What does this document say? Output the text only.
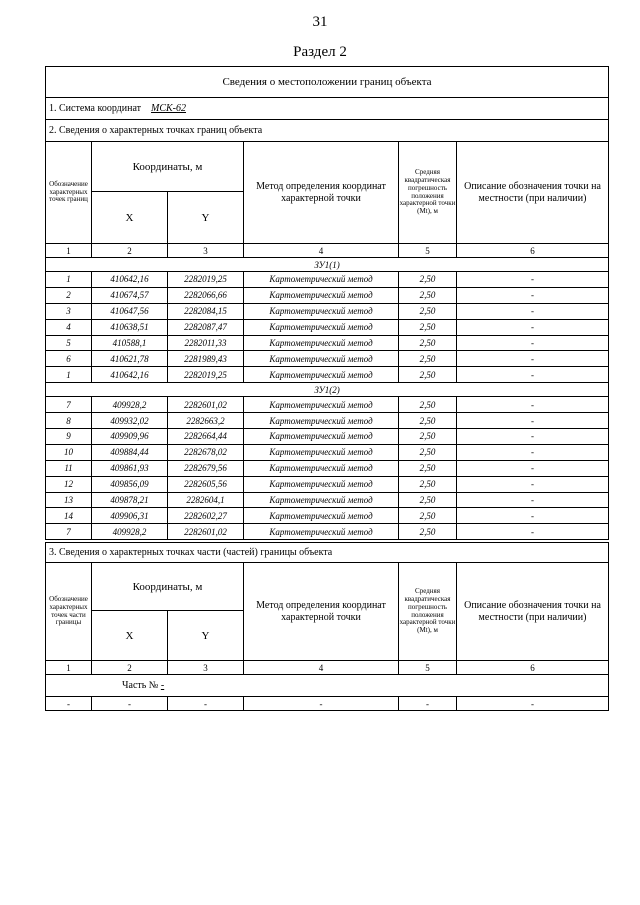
31
Раздел 2
Сведения о местоположении границ объекта					
1. Система координат МСК-62					
2. Сведения о характерных точках границ объекта					
Обозначение характерных точек границ	Координаты, м		Метод определения координат характерной точки	Средняя квадратическая погрешность положения характерной точки (Mt), м	Описание обозначения точки на местности (при наличии)
	X	Y			
1	2	3	4	5	6
ЗУ1(1)					
1	410642,16	2282019,25	Картометрический метод	2,50	-
2	410674,57	2282066,66	Картометрический метод	2,50	-
3	410647,56	2282084,15	Картометрический метод	2,50	-
4	410638,51	2282087,47	Картометрический метод	2,50	-
5	410588,1	2282011,33	Картометрический метод	2,50	-
6	410621,78	2281989,43	Картометрический метод	2,50	-
1	410642,16	2282019,25	Картометрический метод	2,50	-
ЗУ1(2)					
7	409928,2	2282601,02	Картометрический метод	2,50	-
8	409932,02	2282663,2	Картометрический метод	2,50	-
9	409909,96	2282664,44	Картометрический метод	2,50	-
10	409884,44	2282678,02	Картометрический метод	2,50	-
11	409861,93	2282679,56	Картометрический метод	2,50	-
12	409856,09	2282605,56	Картометрический метод	2,50	-
13	409878,21	2282604,1	Картометрический метод	2,50	-
14	409906,31	2282602,27	Картометрический метод	2,50	-
7	409928,2	2282601,02	Картометрический метод	2,50	-
3. Сведения о характерных точках части (частей) границы объекта					
Обозначение характерных точек части границы	Координаты, м		Метод определения координат характерной точки	Средняя квадратическая погрешность положения характерной точки (Mt), м	Описание обозначения точки на местности (при наличии)
	X	Y			
1	2	3	4	5	6
Часть № -					
-	-	-	-	-	-
